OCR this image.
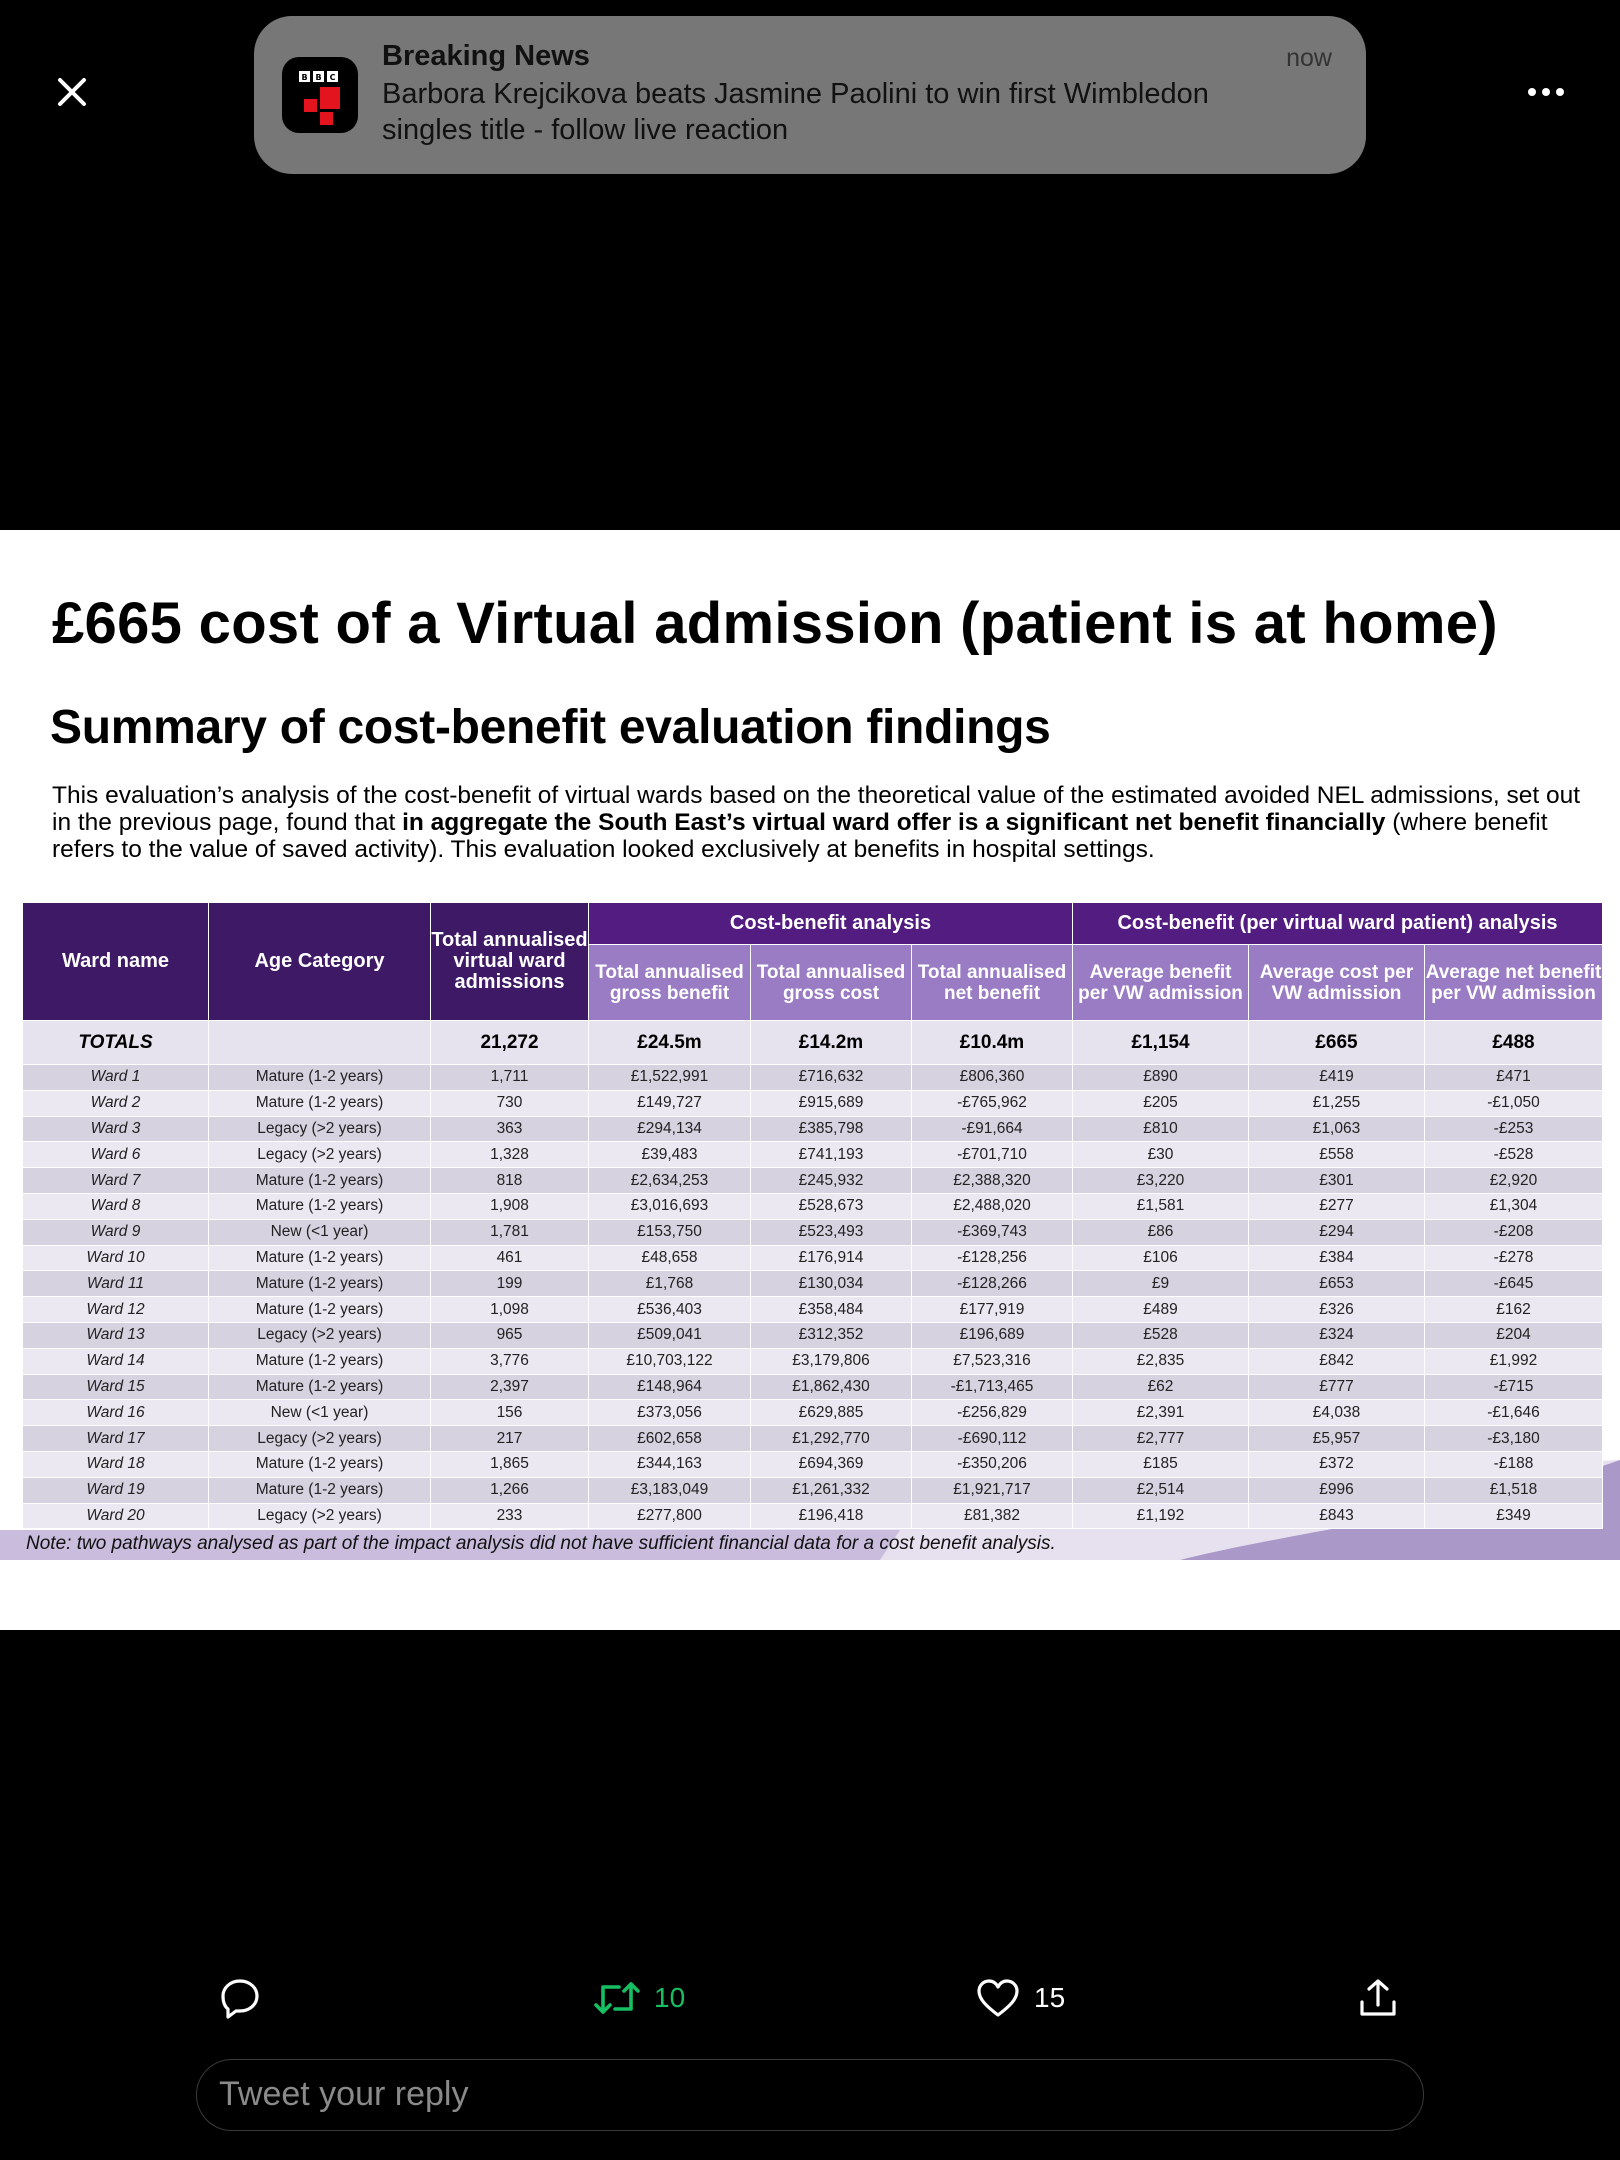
B B C
Breaking News	now
Barbora Krejcikova beats Jasmine Paolini to win first Wimbledon singles title - follow live reaction
£665 cost of a Virtual admission (patient is at home)
Summary of cost-benefit evaluation findings
This evaluation’s analysis of the cost-benefit of virtual wards based on the theoretical value of the estimated avoided NEL admissions, set out in the previous page, found that in aggregate the South East’s virtual ward offer is a significant net benefit financially (where benefit refers to the value of saved activity). This evaluation looked exclusively at benefits in hospital settings.
Ward name	Age Category	Total annualised virtual ward admissions	Cost-benefit analysis			Cost-benefit (per virtual ward patient) analysis		
			Total annualised gross benefit	Total annualised gross cost	Total annualised net benefit	Average benefit per VW admission	Average cost per VW admission	Average net benefit per VW admission
TOTALS		21,272	£24.5m	£14.2m	£10.4m	£1,154	£665	£488
Ward 1	Mature (1-2 years)	1,711	£1,522,991	£716,632	£806,360	£890	£419	£471
Ward 2	Mature (1-2 years)	730	£149,727	£915,689	-£765,962	£205	£1,255	-£1,050
Ward 3	Legacy (>2 years)	363	£294,134	£385,798	-£91,664	£810	£1,063	-£253
Ward 6	Legacy (>2 years)	1,328	£39,483	£741,193	-£701,710	£30	£558	-£528
Ward 7	Mature (1-2 years)	818	£2,634,253	£245,932	£2,388,320	£3,220	£301	£2,920
Ward 8	Mature (1-2 years)	1,908	£3,016,693	£528,673	£2,488,020	£1,581	£277	£1,304
Ward 9	New (<1 year)	1,781	£153,750	£523,493	-£369,743	£86	£294	-£208
Ward 10	Mature (1-2 years)	461	£48,658	£176,914	-£128,256	£106	£384	-£278
Ward 11	Mature (1-2 years)	199	£1,768	£130,034	-£128,266	£9	£653	-£645
Ward 12	Mature (1-2 years)	1,098	£536,403	£358,484	£177,919	£489	£326	£162
Ward 13	Legacy (>2 years)	965	£509,041	£312,352	£196,689	£528	£324	£204
Ward 14	Mature (1-2 years)	3,776	£10,703,122	£3,179,806	£7,523,316	£2,835	£842	£1,992
Ward 15	Mature (1-2 years)	2,397	£148,964	£1,862,430	-£1,713,465	£62	£777	-£715
Ward 16	New (<1 year)	156	£373,056	£629,885	-£256,829	£2,391	£4,038	-£1,646
Ward 17	Legacy (>2 years)	217	£602,658	£1,292,770	-£690,112	£2,777	£5,957	-£3,180
Ward 18	Mature (1-2 years)	1,865	£344,163	£694,369	-£350,206	£185	£372	-£188
Ward 19	Mature (1-2 years)	1,266	£3,183,049	£1,261,332	£1,921,717	£2,514	£996	£1,518
Ward 20	Legacy (>2 years)	233	£277,800	£196,418	£81,382	£1,192	£843	£349
Note: two pathways analysed as part of the impact analysis did not have sufficient financial data for a cost benefit analysis.
10	15
Tweet your reply
